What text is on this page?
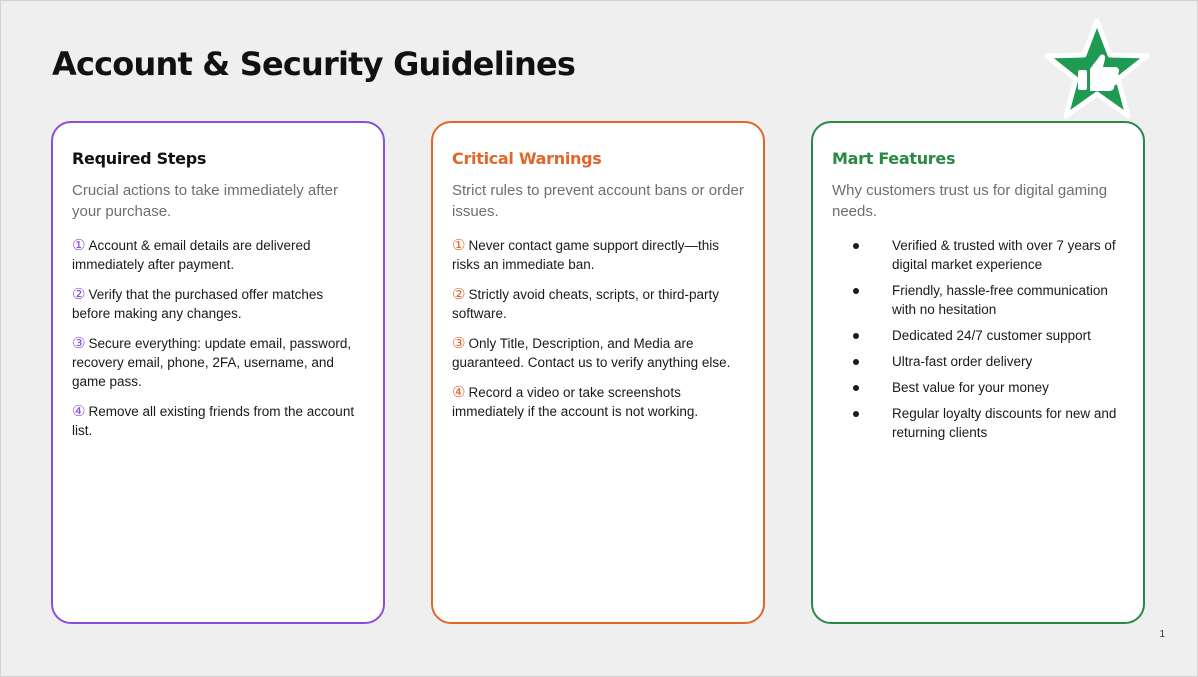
Account & Security Guidelines
Required Steps

Crucial actions to take immediately after your purchase.

① Account & email details are delivered immediately after payment.
② Verify that the purchased offer matches before making any changes.
③ Secure everything: update email, password, recovery email, phone, 2FA, username, and game pass.
④ Remove all existing friends from the account list.
Critical Warnings

Strict rules to prevent account bans or order issues.

① Never contact game support directly—this risks an immediate ban.
② Strictly avoid cheats, scripts, or third-party software.
③ Only Title, Description, and Media are guaranteed. Contact us to verify anything else.
④ Record a video or take screenshots immediately if the account is not working.
Mart Features

Why customers trust us for digital gaming needs.

Verified & trusted with over 7 years of digital market experience
Friendly, hassle-free communication with no hesitation
Dedicated 24/7 customer support
Ultra-fast order delivery
Best value for your money
Regular loyalty discounts for new and returning clients
1
